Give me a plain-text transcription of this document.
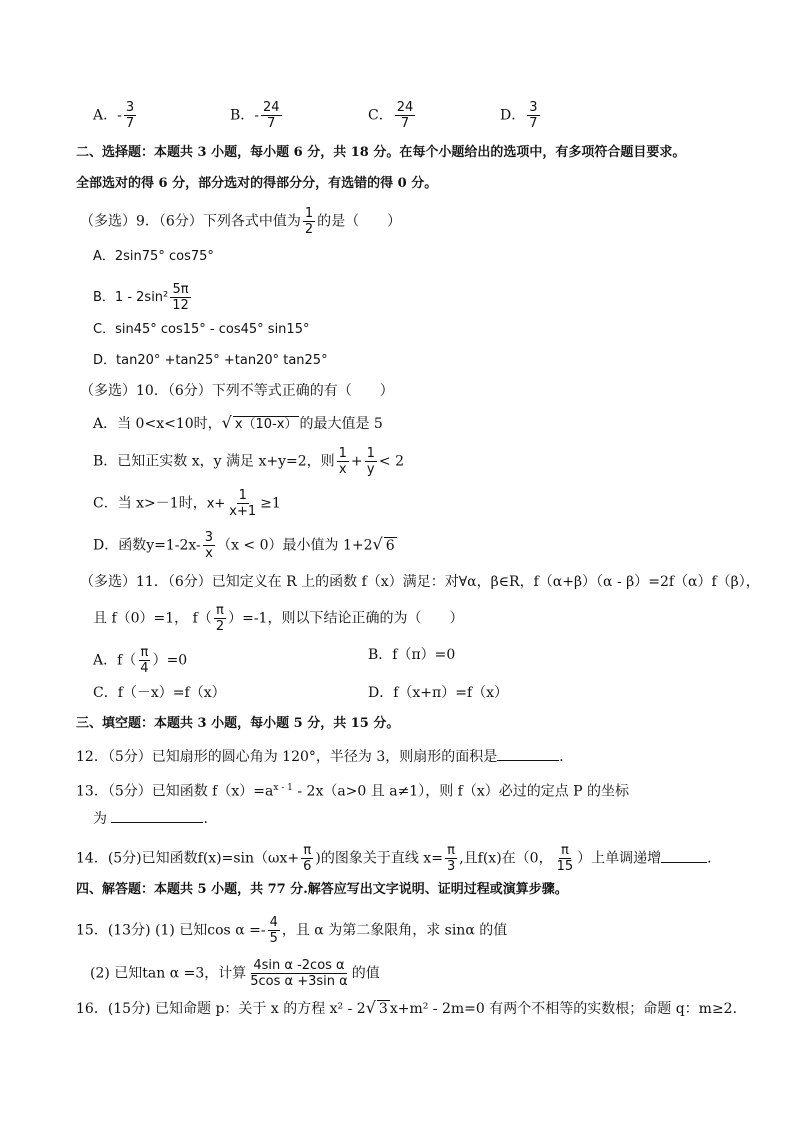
A．- $\frac{3}{7}$	B．- $\frac{24}{7}$	C． $\frac{24}{7}$	D． $\frac{3}{7}$
二、选择题：本题共 3 小题，每小题 6 分，共 18 分。在每个小题给出的选项中，有多项符合题目要求。
全部选对的得 6 分，部分选对的得部分分，有选错的得 0 分。
（多选）9．（6分）下列各式中值为 $\frac{1}{2}$ 的是（　　）
A．2sin75° cos75°
B．$1 - 2\sin^2 \frac{5\pi}{12}$
C．sin45° cos15° - cos45° sin15°
D．tan20° +tan25° +tan20° tan25°
（多选）10．（6分）下列不等式正确的有（　　）
A．当 0<x<10时，√ x（10-x） 的最大值是 5
B．已知正实数 x，y 满足 x+y=2，则 $\frac{1}{x} + \frac{1}{y} < 2$
C．当 x>－1时，$x+ \frac{1}{x+1} \ge 1$
D．函数$y=1-2x- \frac{3}{x} (x < 0)$最小值为 1+2√ 6
（多选）11．（6分）已知定义在 R 上的函数 f（x）满足：对∀α，β∈R，f（α+β）（α - β）=2f（α）f（β），
且 f（0）=1， $f( \frac{\pi}{2} )=-1$，则以下结论正确的为（　　）
A．$f( \frac{\pi}{4} )=0$	B．f（π）=0
C．f（－x）=f（x）	D．f（x+π）=f（x）
三、填空题：本题共 3 小题，每小题 5 分，共 15 分。
12．（5分）已知扇形的圆心角为 120°，半径为 3，则扇形的面积是	．
13．（5分）已知函数 $f(x)=a^{x - 1} - 2x(a>0$ 且 a≠1），则 f（x）必过的定点 P 的坐标
为	．
14．(5分)已知函数$f(x)=\sin(\omega x+ \frac{\pi}{6}$ )的图象关于直线 $x= \frac{\pi}{3}$ ,且f(x)在（0， $\frac{\pi}{15}$ ）上单调递增	．
四、解答题：本题共 5 小题，共 77 分.解答应写出文字说明、证明过程或演算步骤。
15．(13分) (1) 已知$\cos \alpha =- \frac{4}{5}$ ，且 α 为第二象限角，求 sinα 的值
(2) 已知tan α =3，计算 $\frac{\text{4sin α -2cos α}}{\text{5cos α +3sin α}}$ 的值
16．(15分) 已知命题 p：关于 x 的方程 x² - 2√ 3 x+m² - 2m=0 有两个不相等的实数根；命题 q：m≥2.
